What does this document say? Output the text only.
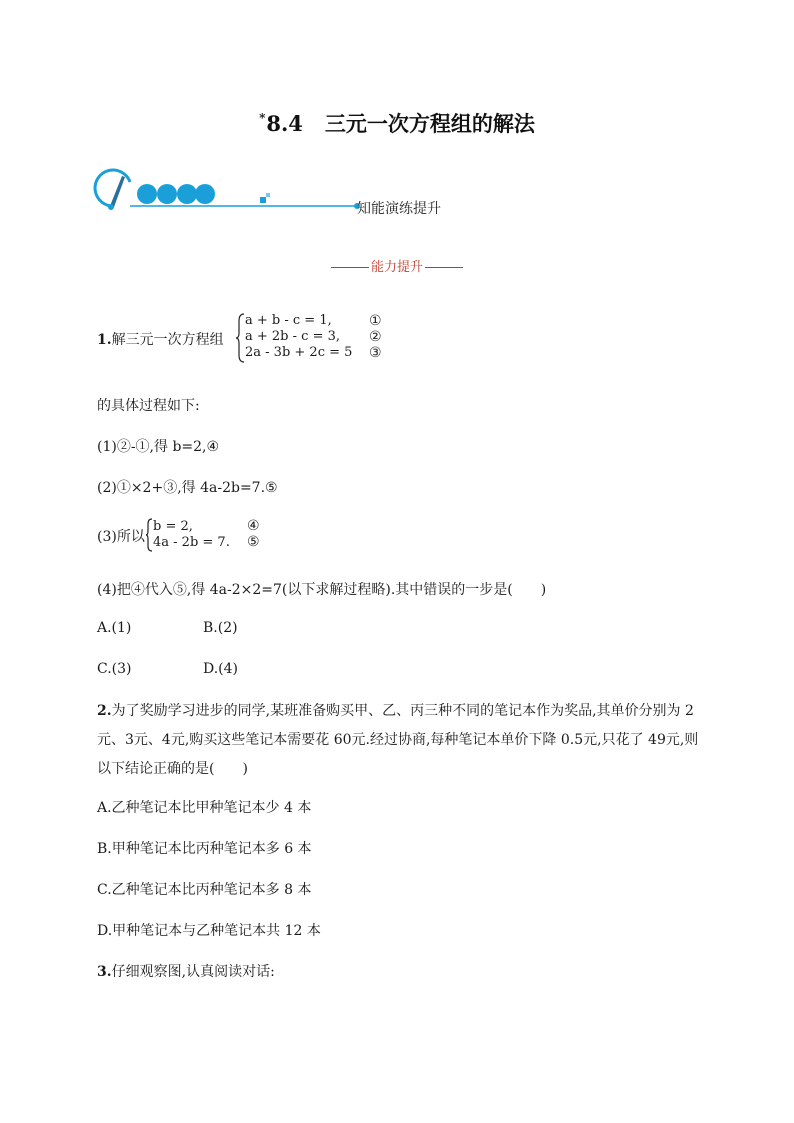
*8.4 三元一次方程组的解法
知能演练提升
能力提升
1.解三元一次方程组
a + b - c = 1,
a + 2b - c = 3,
2a - 3b + 2c = 5
①
②
③
的具体过程如下:
(1)②-①,得 b=2,④
(2)①×2+③,得 4a-2b=7.⑤
(3)所以
b = 2,
4a - 2b = 7.
④
⑤
(4)把④代入⑤,得 4a-2×2=7(以下求解过程略).其中错误的一步是(　　)
A.(1)	B.(2)
C.(3)	D.(4)
2.为了奖励学习进步的同学,某班准备购买甲、乙、丙三种不同的笔记本作为奖品,其单价分别为 2元、3元、4元,购买这些笔记本需要花 60元.经过协商,每种笔记本单价下降 0.5元,只花了 49元,则以下结论正确的是(　　)
A.乙种笔记本比甲种笔记本少 4 本
B.甲种笔记本比丙种笔记本多 6 本
C.乙种笔记本比丙种笔记本多 8 本
D.甲种笔记本与乙种笔记本共 12 本
3.仔细观察图,认真阅读对话:
